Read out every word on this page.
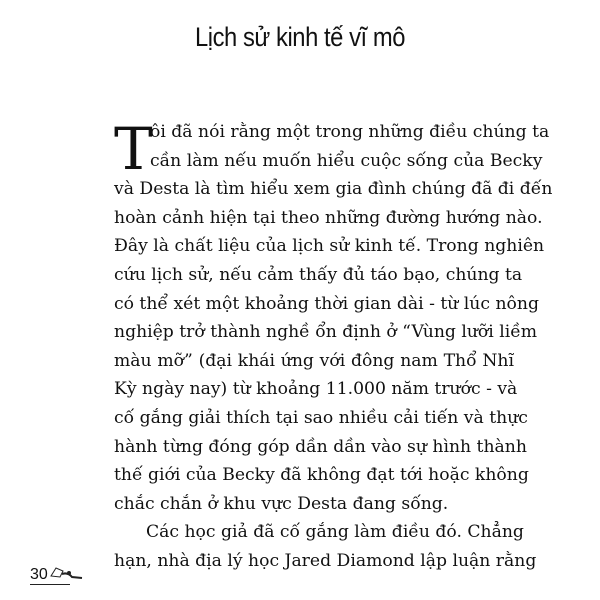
Lịch sử kinh tế vĩ mô
T
ôi đã nói rằng một trong những điều chúng ta
cần làm nếu muốn hiểu cuộc sống của Becky
và Desta là tìm hiểu xem gia đình chúng đã đi đến
hoàn cảnh hiện tại theo những đường hướng nào.
Đây là chất liệu của lịch sử kinh tế. Trong nghiên
cứu lịch sử, nếu cảm thấy đủ táo bạo, chúng ta
có thể xét một khoảng thời gian dài - từ lúc nông
nghiệp trở thành nghề ổn định ở “Vùng lưỡi liềm
màu mỡ” (đại khái ứng với đông nam Thổ Nhĩ
Kỳ ngày nay) từ khoảng 11.000 năm trước - và
cố gắng giải thích tại sao nhiều cải tiến và thực
hành từng đóng góp dần dần vào sự hình thành
thế giới của Becky đã không đạt tới hoặc không
chắc chắn ở khu vực Desta đang sống.
Các học giả đã cố gắng làm điều đó. Chẳng
hạn, nhà địa lý học Jared Diamond lập luận rằng
30
